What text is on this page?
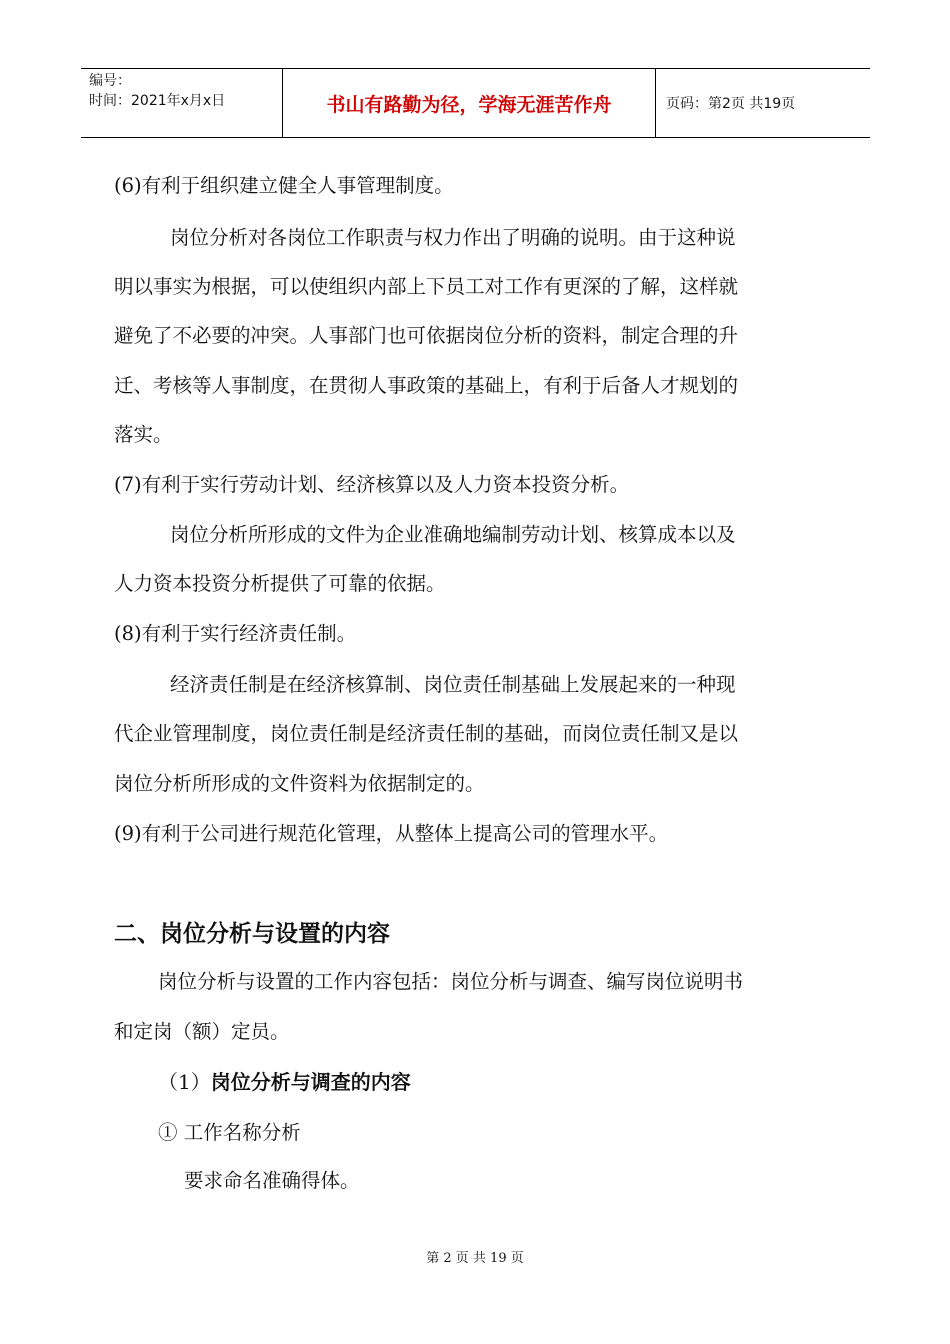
编号：
时间：2021年x月x日	书山有路勤为径，学海无涯苦作舟	页码：第2页 共19页
(6)有利于组织建立健全人事管理制度。
岗位分析对各岗位工作职责与权力作出了明确的说明。由于这种说
明以事实为根据，可以使组织内部上下员工对工作有更深的了解，这样就
避免了不必要的冲突。人事部门也可依据岗位分析的资料，制定合理的升
迁、考核等人事制度，在贯彻人事政策的基础上，有利于后备人才规划的
落实。
(7)有利于实行劳动计划、经济核算以及人力资本投资分析。
岗位分析所形成的文件为企业准确地编制劳动计划、核算成本以及
人力资本投资分析提供了可靠的依据。
(8)有利于实行经济责任制。
经济责任制是在经济核算制、岗位责任制基础上发展起来的一种现
代企业管理制度，岗位责任制是经济责任制的基础，而岗位责任制又是以
岗位分析所形成的文件资料为依据制定的。
(9)有利于公司进行规范化管理，从整体上提高公司的管理水平。
二、岗位分析与设置的内容
岗位分析与设置的工作内容包括：岗位分析与调查、编写岗位说明书
和定岗（额）定员。
（1）岗位分析与调查的内容
① 工作名称分析
要求命名准确得体。
第 2 页 共 19 页
